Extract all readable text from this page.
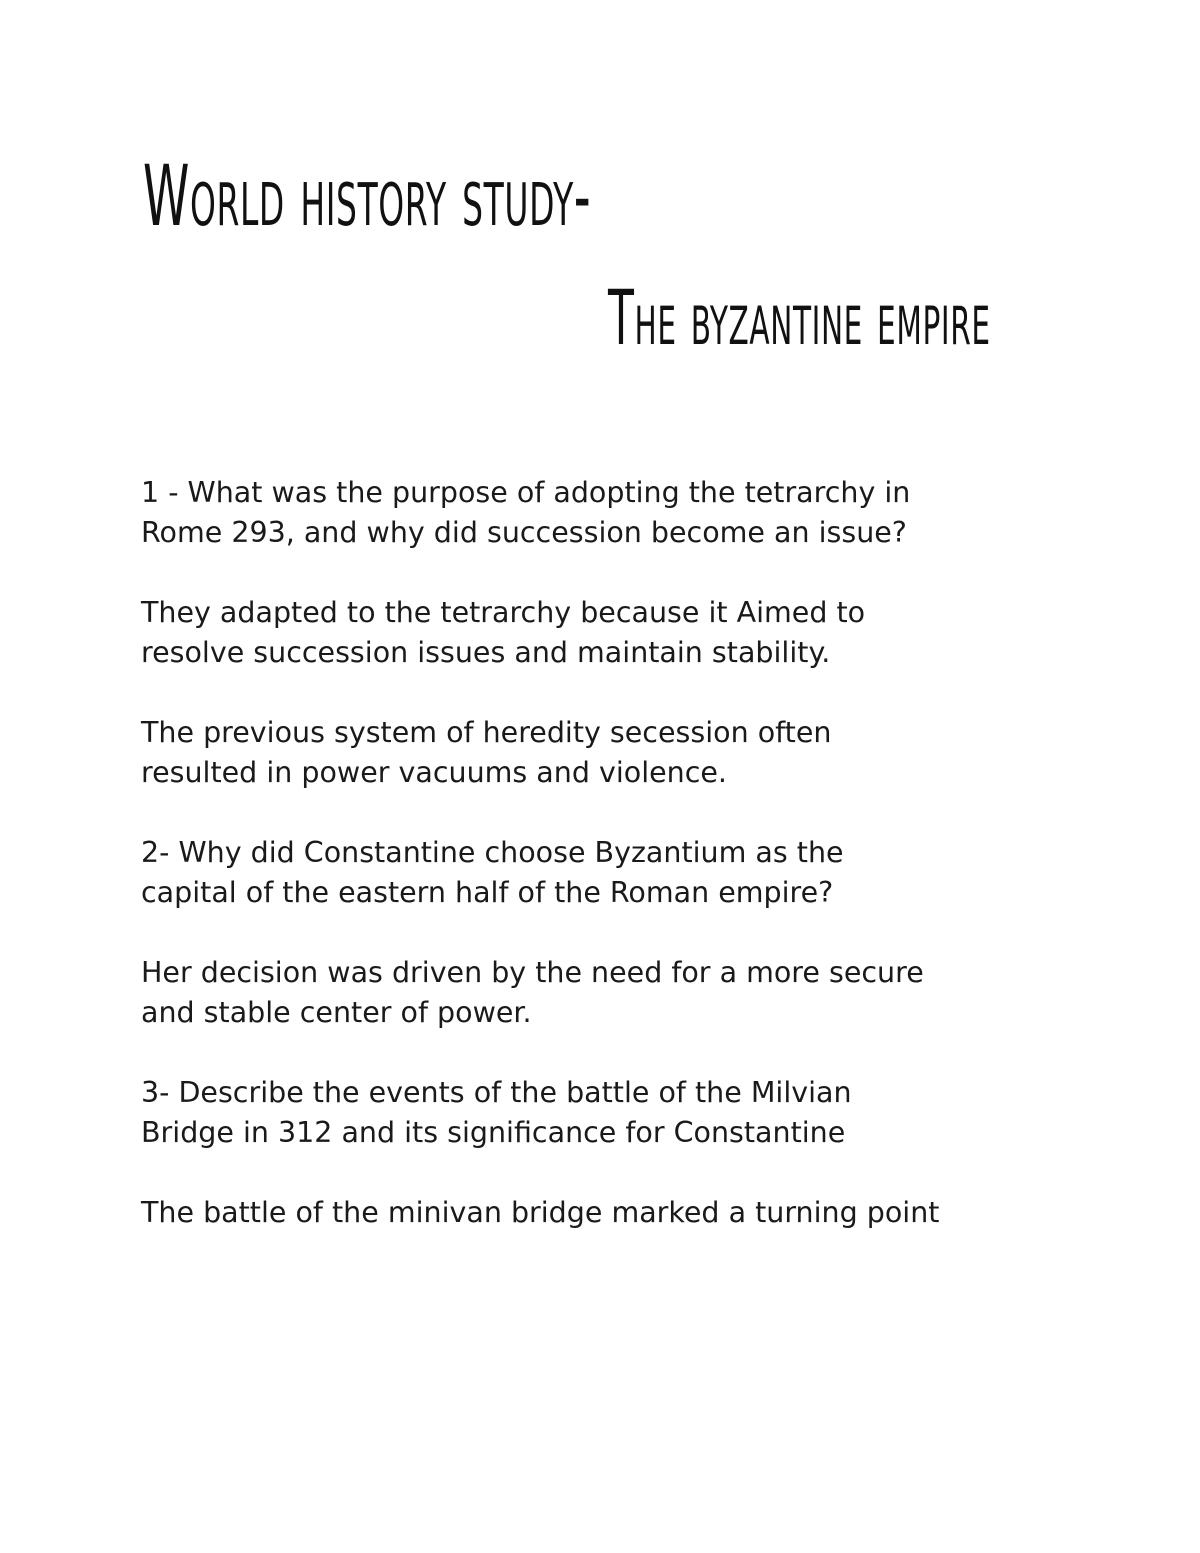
World history study-
The byzantine empire

1 - What was the purpose of adopting the tetrarchy in
Rome 293, and why did succession become an issue?

They adapted to the tetrarchy because it Aimed to
resolve succession issues and maintain stability.

The previous system of heredity secession often
resulted in power vacuums and violence.

2- Why did Constantine choose Byzantium as the
capital of the eastern half of the Roman empire?

Her decision was driven by the need for a more secure
and stable center of power.

3- Describe the events of the battle of the Milvian
Bridge in 312 and its significance for Constantine

The battle of the minivan bridge marked a turning point
